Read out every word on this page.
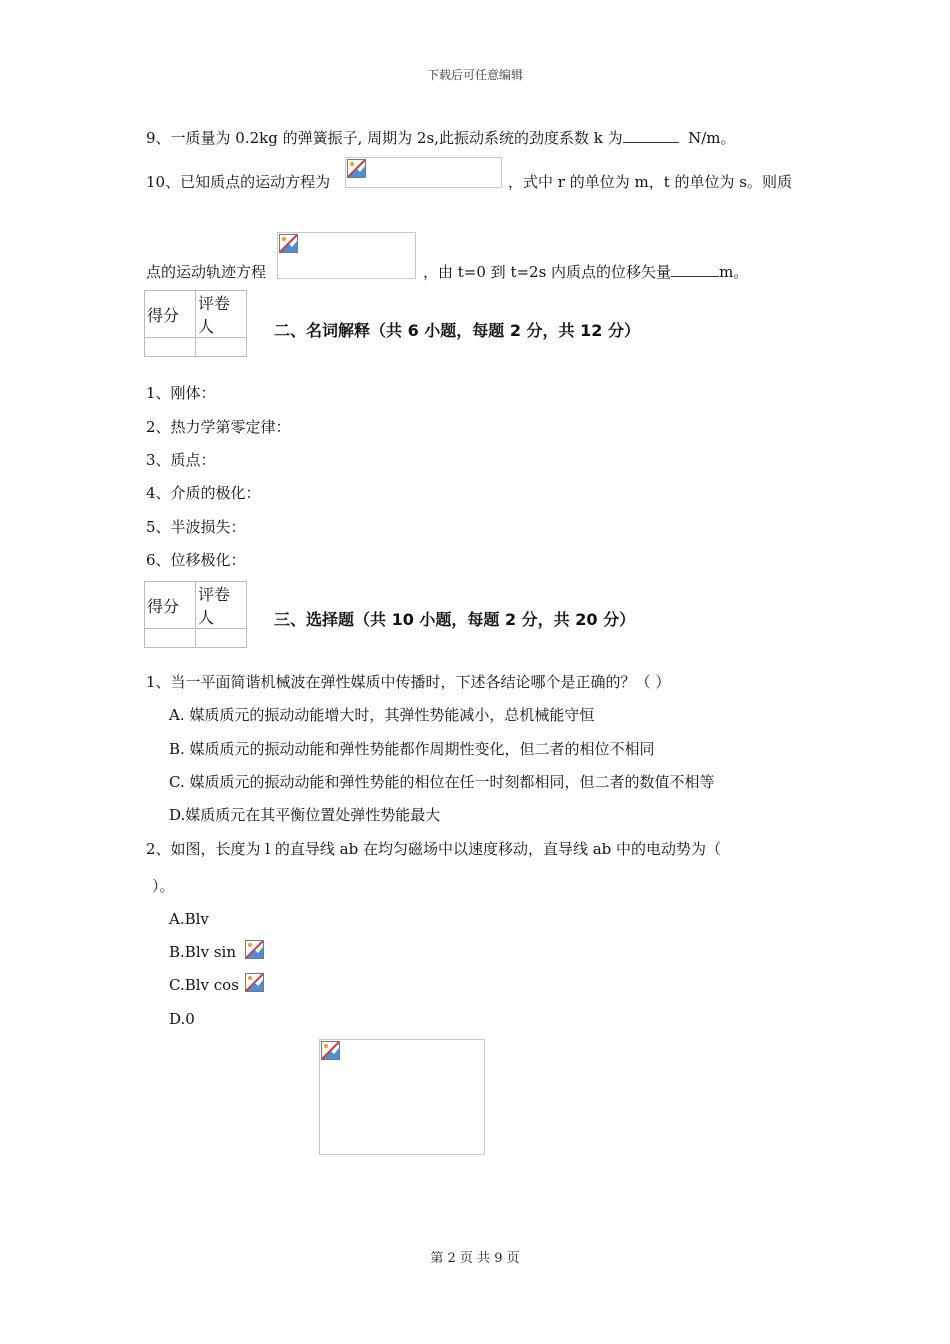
下载后可任意编辑
9、一质量为 0.2kg 的弹簧振子, 周期为 2s,此振动系统的劲度系数 k 为	N/m。
10、已知质点的运动方程为	，式中 r 的单位为 m，t 的单位为 s。则质
点的运动轨迹方程	，由 t=0 到 t=2s 内质点的位移矢量	m。
得分	评卷人
		二、名词解释（共 6 小题，每题 2 分，共 12 分）
1、刚体：
2、热力学第零定律：
3、质点：
4、介质的极化：
5、半波损失：
6、位移极化：
得分	评卷人
		三、选择题（共 10 小题，每题 2 分，共 20 分）
1、当一平面简谐机械波在弹性媒质中传播时，下述各结论哪个是正确的？（ ）
A. 媒质质元的振动动能增大时，其弹性势能减小，总机械能守恒
B. 媒质质元的振动动能和弹性势能都作周期性变化，但二者的相位不相同
C. 媒质质元的振动动能和弹性势能的相位在任一时刻都相同，但二者的数值不相等
D.媒质质元在其平衡位置处弹性势能最大
2、如图，长度为 l 的直导线 ab 在均匀磁场中以速度移动，直导线 ab 中的电动势为（
）。
A.Blv
B.Blv sin
C.Blv cos
D.0
第 2 页 共 9 页
